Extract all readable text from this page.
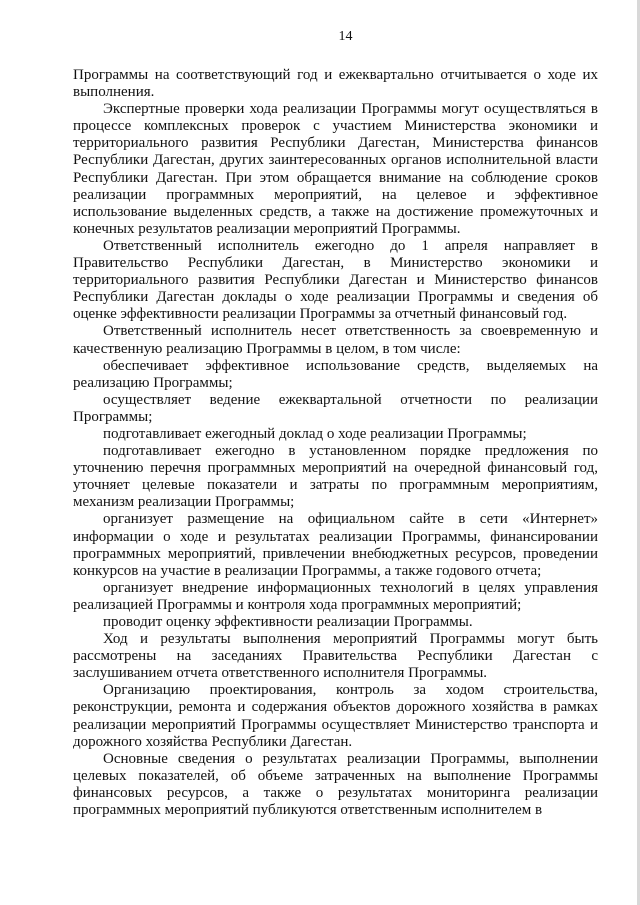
14

Программы на соответствующий год и ежеквартально отчитывается о ходе их выполнения.

Экспертные проверки хода реализации Программы могут осуществляться в процессе комплексных проверок с участием Министерства экономики и территориального развития Республики Дагестан, Министерства финансов Республики Дагестан, других заинтересованных органов исполнительной власти Республики Дагестан. При этом обращается внимание на соблюдение сроков реализации программных мероприятий, на целевое и эффективное использование выделенных средств, а также на достижение промежуточных и конечных результатов реализации мероприятий Программы.

Ответственный исполнитель ежегодно до 1 апреля направляет в Правительство Республики Дагестан, в Министерство экономики и территориального развития Республики Дагестан и Министерство финансов Республики Дагестан доклады о ходе реализации Программы и сведения об оценке эффективности реализации Программы за отчетный финансовый год.

Ответственный исполнитель несет ответственность за своевременную и качественную реализацию Программы в целом, в том числе:

обеспечивает эффективное использование средств, выделяемых на реализацию Программы;

осуществляет ведение ежеквартальной отчетности по реализации Программы;

подготавливает ежегодный доклад о ходе реализации Программы;

подготавливает ежегодно в установленном порядке предложения по уточнению перечня программных мероприятий на очередной финансовый год, уточняет целевые показатели и затраты по программным мероприятиям, механизм реализации Программы;

организует размещение на официальном сайте в сети «Интернет» информации о ходе и результатах реализации Программы, финансировании программных мероприятий, привлечении внебюджетных ресурсов, проведении конкурсов на участие в реализации Программы, а также годового отчета;

организует внедрение информационных технологий в целях управления реализацией Программы и контроля хода программных мероприятий;

проводит оценку эффективности реализации Программы.

Ход и результаты выполнения мероприятий Программы могут быть рассмотрены на заседаниях Правительства Республики Дагестан с заслушиванием отчета ответственного исполнителя Программы.

Организацию проектирования, контроль за ходом строительства, реконструкции, ремонта и содержания объектов дорожного хозяйства в рамках реализации мероприятий Программы осуществляет Министерство транспорта и дорожного хозяйства Республики Дагестан.

Основные сведения о результатах реализации Программы, выполнении целевых показателей, об объеме затраченных на выполнение Программы финансовых ресурсов, а также о результатах мониторинга реализации программных мероприятий публикуются ответственным исполнителем в
